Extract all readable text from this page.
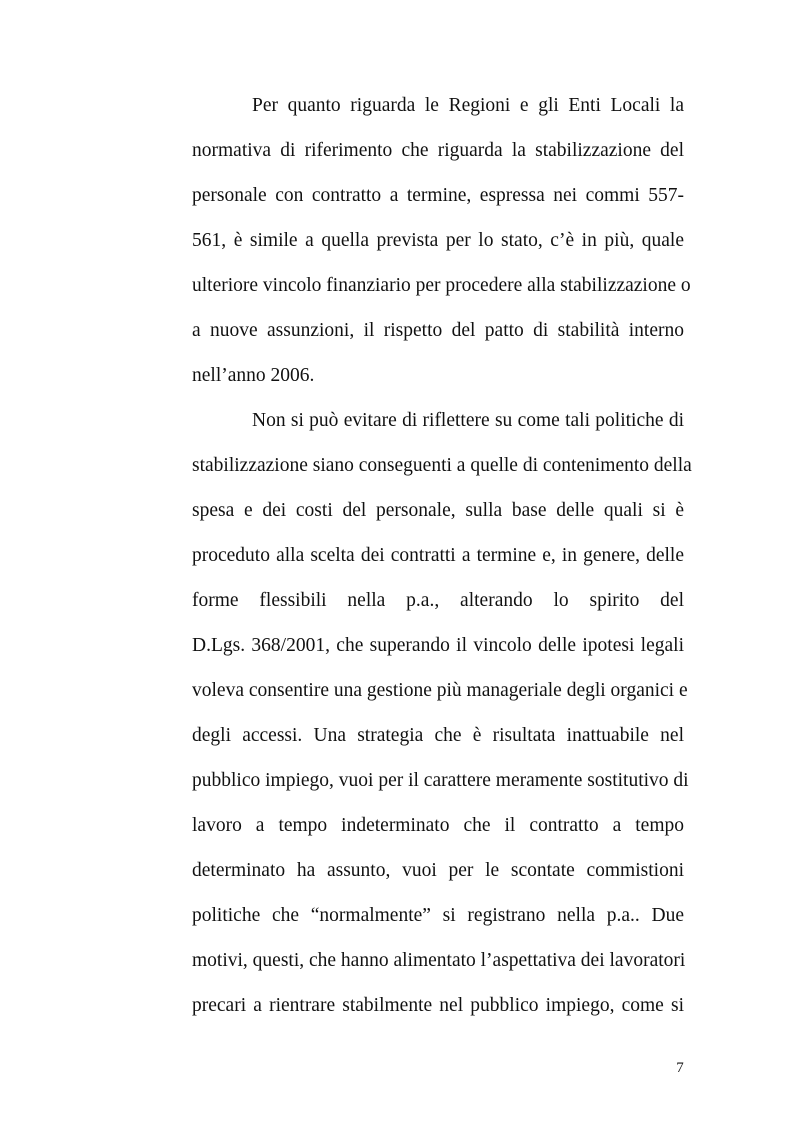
Per quanto riguarda le Regioni e gli Enti Locali la
normativa di riferimento che riguarda la stabilizzazione del
personale con contratto a termine, espressa nei commi 557-
561, è simile a quella prevista per lo stato, c’è in più, quale
ulteriore vincolo finanziario per procedere alla stabilizzazione o
a nuove assunzioni, il rispetto del patto di stabilità interno
nell’anno 2006.
Non si può evitare di riflettere su come tali politiche di
stabilizzazione siano conseguenti a quelle di contenimento della
spesa e dei costi del personale, sulla base delle quali si è
proceduto alla scelta dei contratti a termine e, in genere, delle
forme flessibili nella p.a., alterando lo spirito del
D.Lgs. 368/2001, che superando il vincolo delle ipotesi legali
voleva consentire una gestione più manageriale degli organici e
degli accessi. Una strategia che è risultata inattuabile nel
pubblico impiego, vuoi per il carattere meramente sostitutivo di
lavoro a tempo indeterminato che il contratto a tempo
determinato ha assunto, vuoi per le scontate commistioni
politiche che “normalmente” si registrano nella p.a.. Due
motivi, questi, che hanno alimentato l’aspettativa dei lavoratori
precari a rientrare stabilmente nel pubblico impiego, come si
7
